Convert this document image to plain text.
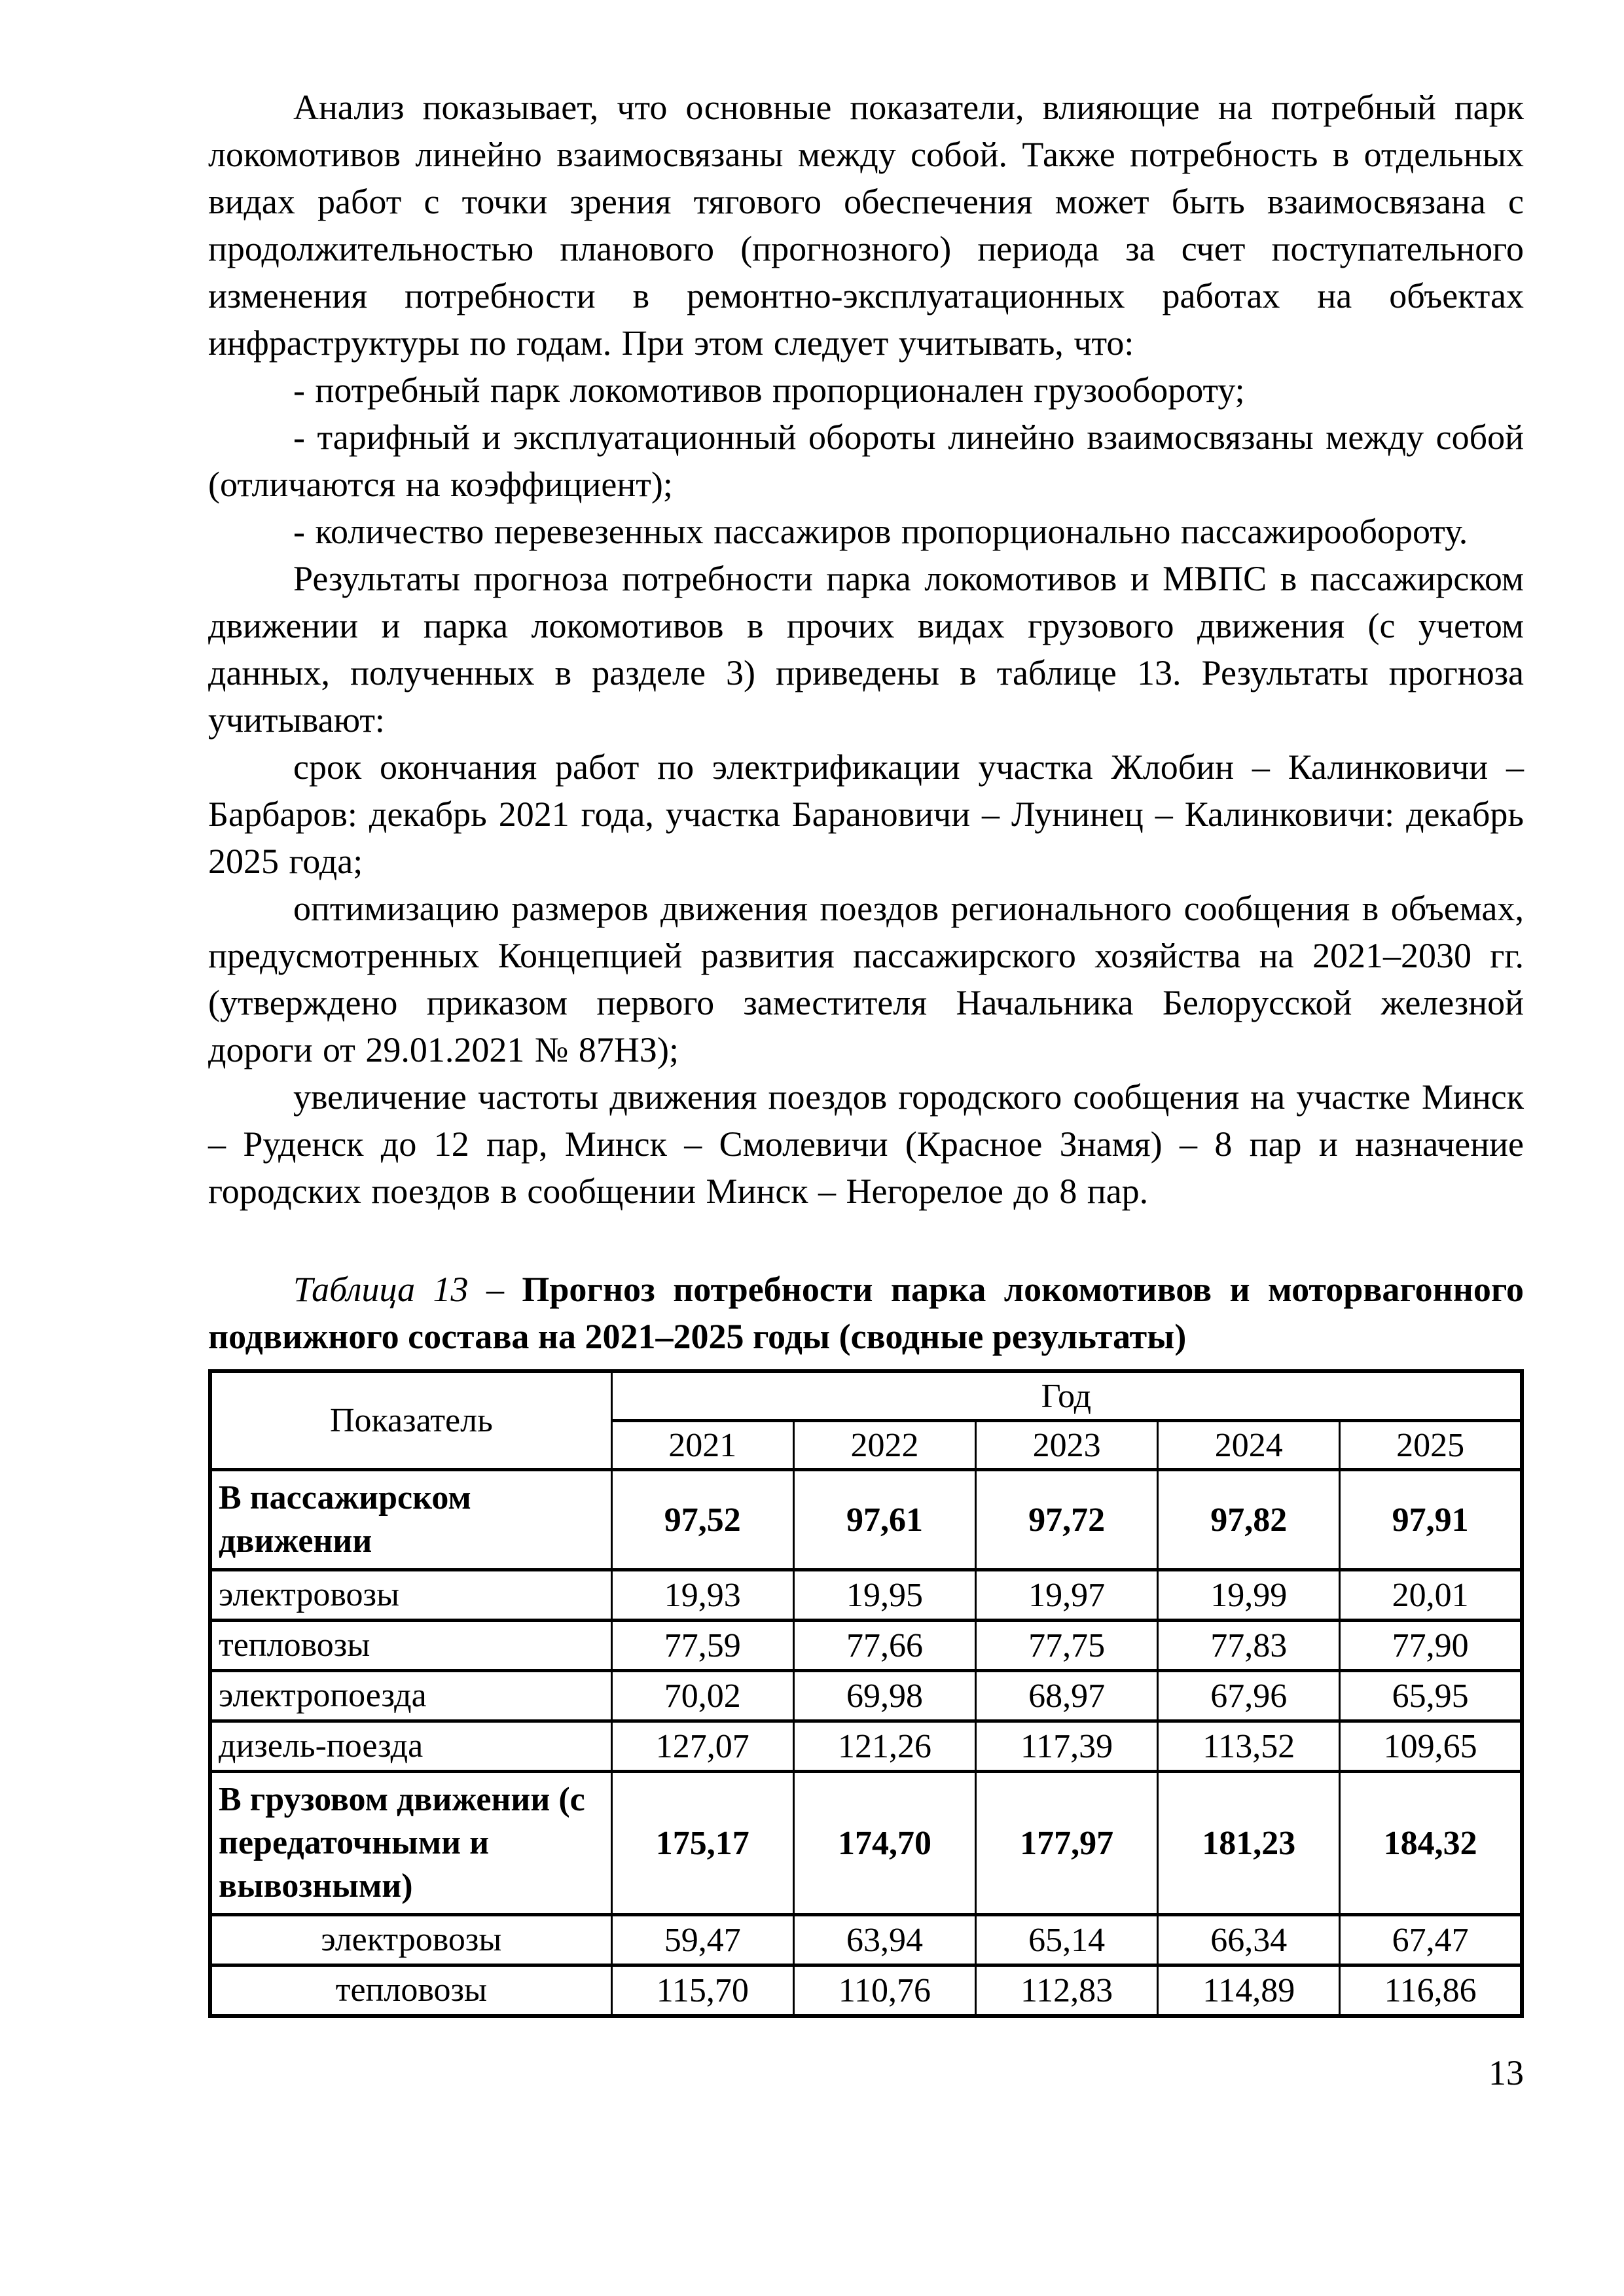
Анализ показывает, что основные показатели, влияющие на потребный парк локомотивов линейно взаимосвязаны между собой. Также потребность в отдельных видах работ с точки зрения тягового обеспечения может быть взаимосвязана с продолжительностью планового (прогнозного) периода за счет поступательного изменения потребности в ремонтно-эксплуатационных работах на объектах инфраструктуры по годам. При этом следует учитывать, что:

- потребный парк локомотивов пропорционален грузообороту;

- тарифный и эксплуатационный обороты линейно взаимосвязаны между собой (отличаются на коэффициент);

- количество перевезенных пассажиров пропорционально пассажирообороту.

Результаты прогноза потребности парка локомотивов и МВПС в пассажирском движении и парка локомотивов в прочих видах грузового движения (с учетом данных, полученных в разделе 3) приведены в таблице 13. Результаты прогноза учитывают:

срок окончания работ по электрификации участка Жлобин – Калинковичи – Барбаров: декабрь 2021 года, участка Барановичи – Лунинец – Калинковичи: декабрь 2025 года;

оптимизацию размеров движения поездов регионального сообщения в объемах, предусмотренных Концепцией развития пассажирского хозяйства на 2021–2030 гг. (утверждено приказом первого заместителя Начальника Белорусской железной дороги от 29.01.2021 № 87НЗ);

увеличение частоты движения поездов городского сообщения на участке Минск – Руденск до 12 пар, Минск – Смолевичи (Красное Знамя) – 8 пар и назначение городских поездов в сообщении Минск – Негорелое до 8 пар.

Таблица 13 – Прогноз потребности парка локомотивов и моторвагонного подвижного состава на 2021–2025 годы (сводные результаты)

Показатель	Год				
	2021	2022	2023	2024	2025
В пассажирском движении	97,52	97,61	97,72	97,82	97,91
электровозы	19,93	19,95	19,97	19,99	20,01
тепловозы	77,59	77,66	77,75	77,83	77,90
электропоезда	70,02	69,98	68,97	67,96	65,95
дизель-поезда	127,07	121,26	117,39	113,52	109,65
В грузовом движении (с передаточными и вывозными)	175,17	174,70	177,97	181,23	184,32
электровозы	59,47	63,94	65,14	66,34	67,47
тепловозы	115,70	110,76	112,83	114,89	116,86
13
